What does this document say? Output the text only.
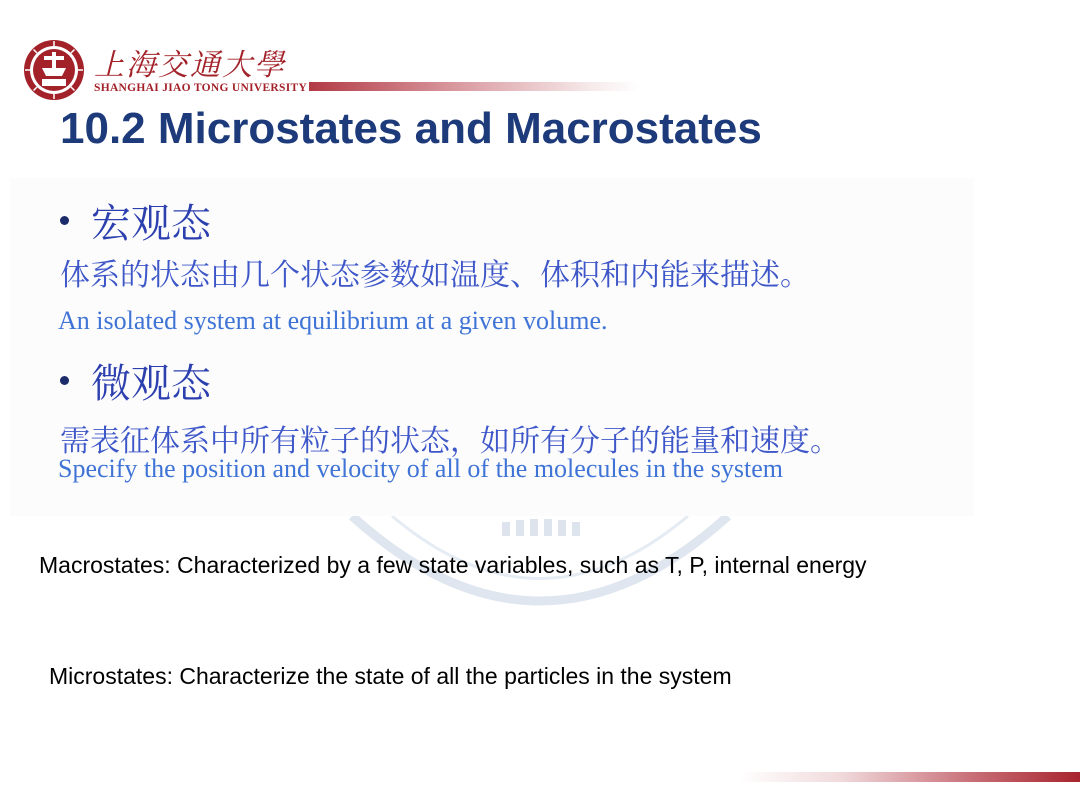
上海交通大學
SHANGHAI JIAO TONG UNIVERSITY
10.2 Microstates and Macrostates
宏观态
体系的状态由几个状态参数如温度、体积和内能来描述。
An isolated system at equilibrium at a given volume.
微观态
需表征体系中所有粒子的状态，如所有分子的能量和速度。
Specify the position and velocity of all of the molecules in the system
Macrostates: Characterized by a few state variables, such as T, P, internal energy
Microstates: Characterize the state of all the particles in the system
